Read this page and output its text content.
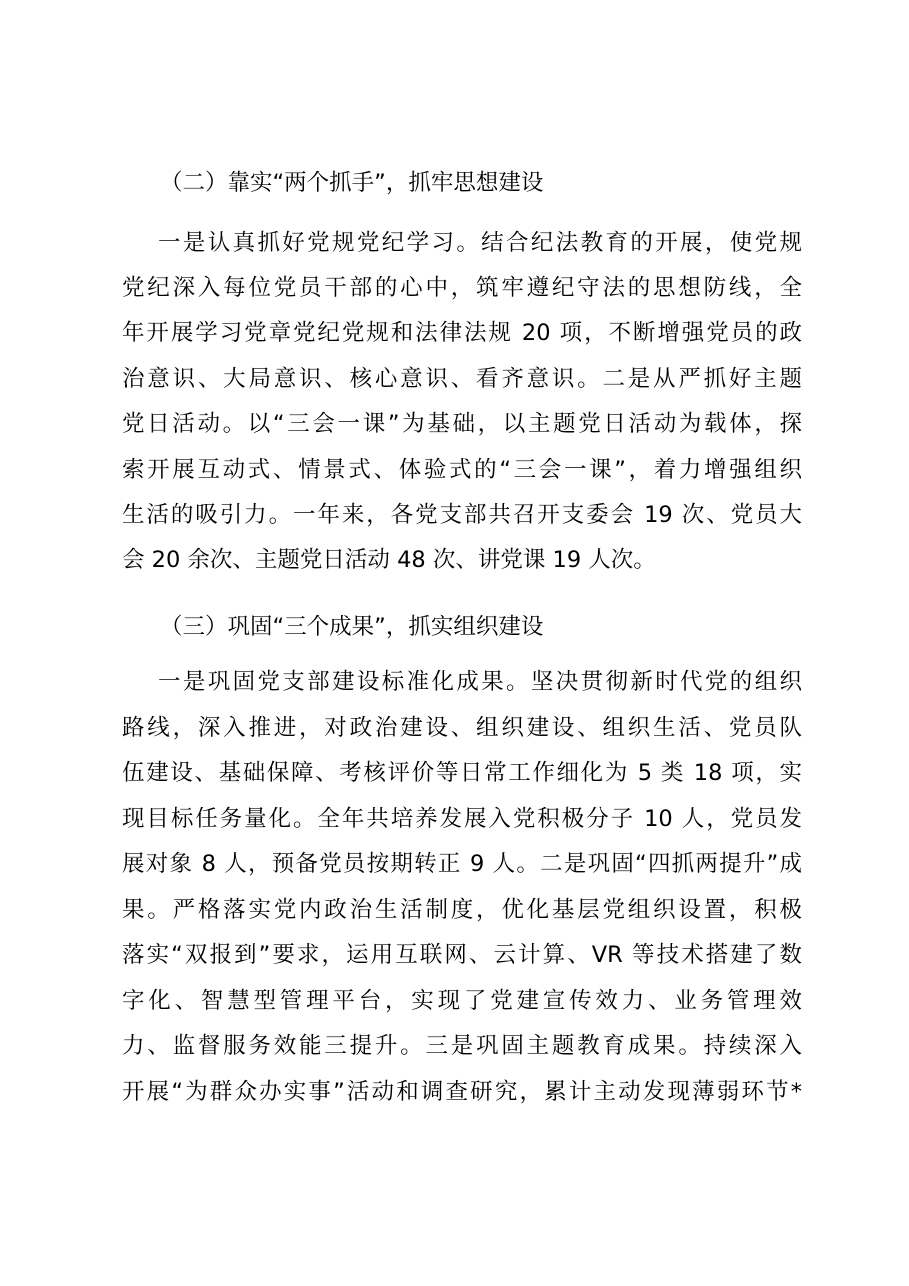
（二）靠实“两个抓手”，抓牢思想建设

一是认真抓好党规党纪学习。结合纪法教育的开展，使党规

党纪深入每位党员干部的心中，筑牢遵纪守法的思想防线，全

年开展学习党章党纪党规和法律法规 20 项，不断增强党员的政

治意识、大局意识、核心意识、看齐意识。二是从严抓好主题

党日活动。以“三会一课”为基础，以主题党日活动为载体，探

索开展互动式、情景式、体验式的“三会一课”，着力增强组织

生活的吸引力。一年来，各党支部共召开支委会 19 次、党员大

会 20 余次、主题党日活动 48 次、讲党课 19 人次。

（三）巩固“三个成果”，抓实组织建设

一是巩固党支部建设标准化成果。坚决贯彻新时代党的组织

路线，深入推进，对政治建设、组织建设、组织生活、党员队

伍建设、基础保障、考核评价等日常工作细化为 5 类 18 项，实

现目标任务量化。全年共培养发展入党积极分子 10 人，党员发

展对象 8 人，预备党员按期转正 9 人。二是巩固“四抓两提升”成

果。严格落实党内政治生活制度，优化基层党组织设置，积极

落实“双报到”要求，运用互联网、云计算、VR 等技术搭建了数

字化、智慧型管理平台，实现了党建宣传效力、业务管理效

力、监督服务效能三提升。三是巩固主题教育成果。持续深入

开展“为群众办实事”活动和调查研究，累计主动发现薄弱环节*
